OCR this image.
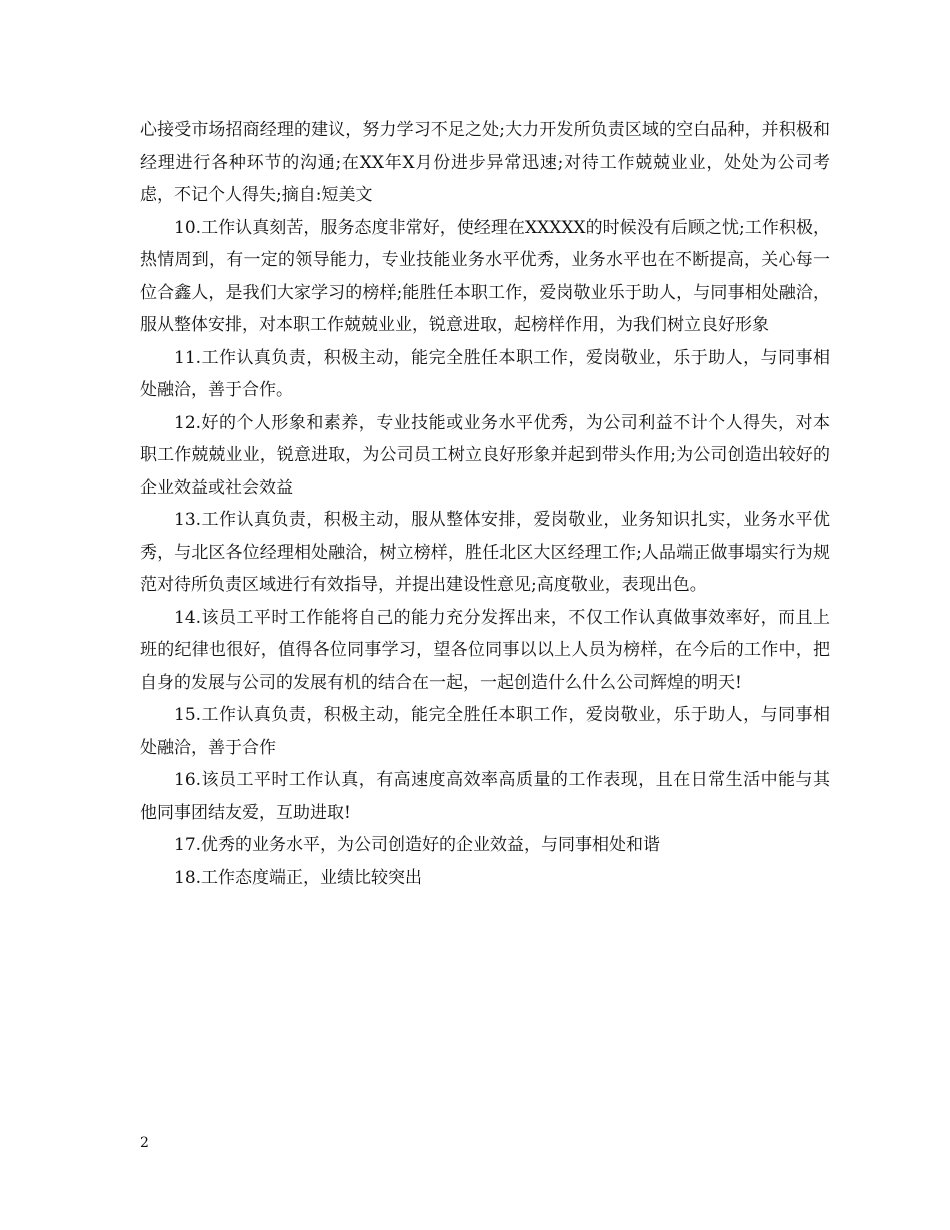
心接受市场招商经理的建议，努力学习不足之处;大力开发所负责区域的空白品种，并积极和经理进行各种环节的沟通;在XX年X月份进步异常迅速;对待工作兢兢业业，处处为公司考虑，不记个人得失;摘自:短美文

10.工作认真刻苦，服务态度非常好，使经理在XXXXX的时候没有后顾之忧;工作积极，热情周到，有一定的领导能力，专业技能业务水平优秀，业务水平也在不断提高，关心每一位合鑫人，是我们大家学习的榜样;能胜任本职工作，爱岗敬业乐于助人，与同事相处融洽，服从整体安排，对本职工作兢兢业业，锐意进取，起榜样作用，为我们树立良好形象

11.工作认真负责，积极主动，能完全胜任本职工作，爱岗敬业，乐于助人，与同事相处融洽，善于合作。

12.好的个人形象和素养，专业技能或业务水平优秀，为公司利益不计个人得失，对本职工作兢兢业业，锐意进取，为公司员工树立良好形象并起到带头作用;为公司创造出较好的企业效益或社会效益

13.工作认真负责，积极主动，服从整体安排，爱岗敬业，业务知识扎实，业务水平优秀，与北区各位经理相处融洽，树立榜样，胜任北区大区经理工作;人品端正做事塌实行为规范对待所负责区域进行有效指导，并提出建设性意见;高度敬业，表现出色。

14.该员工平时工作能将自己的能力充分发挥出来，不仅工作认真做事效率好，而且上班的纪律也很好，值得各位同事学习，望各位同事以以上人员为榜样，在今后的工作中，把自身的发展与公司的发展有机的结合在一起，一起创造什么什么公司辉煌的明天!

15.工作认真负责，积极主动，能完全胜任本职工作，爱岗敬业，乐于助人，与同事相处融洽，善于合作

16.该员工平时工作认真，有高速度高效率高质量的工作表现，且在日常生活中能与其他同事团结友爱，互助进取!

17.优秀的业务水平，为公司创造好的企业效益，与同事相处和谐

18.工作态度端正，业绩比较突出

2
